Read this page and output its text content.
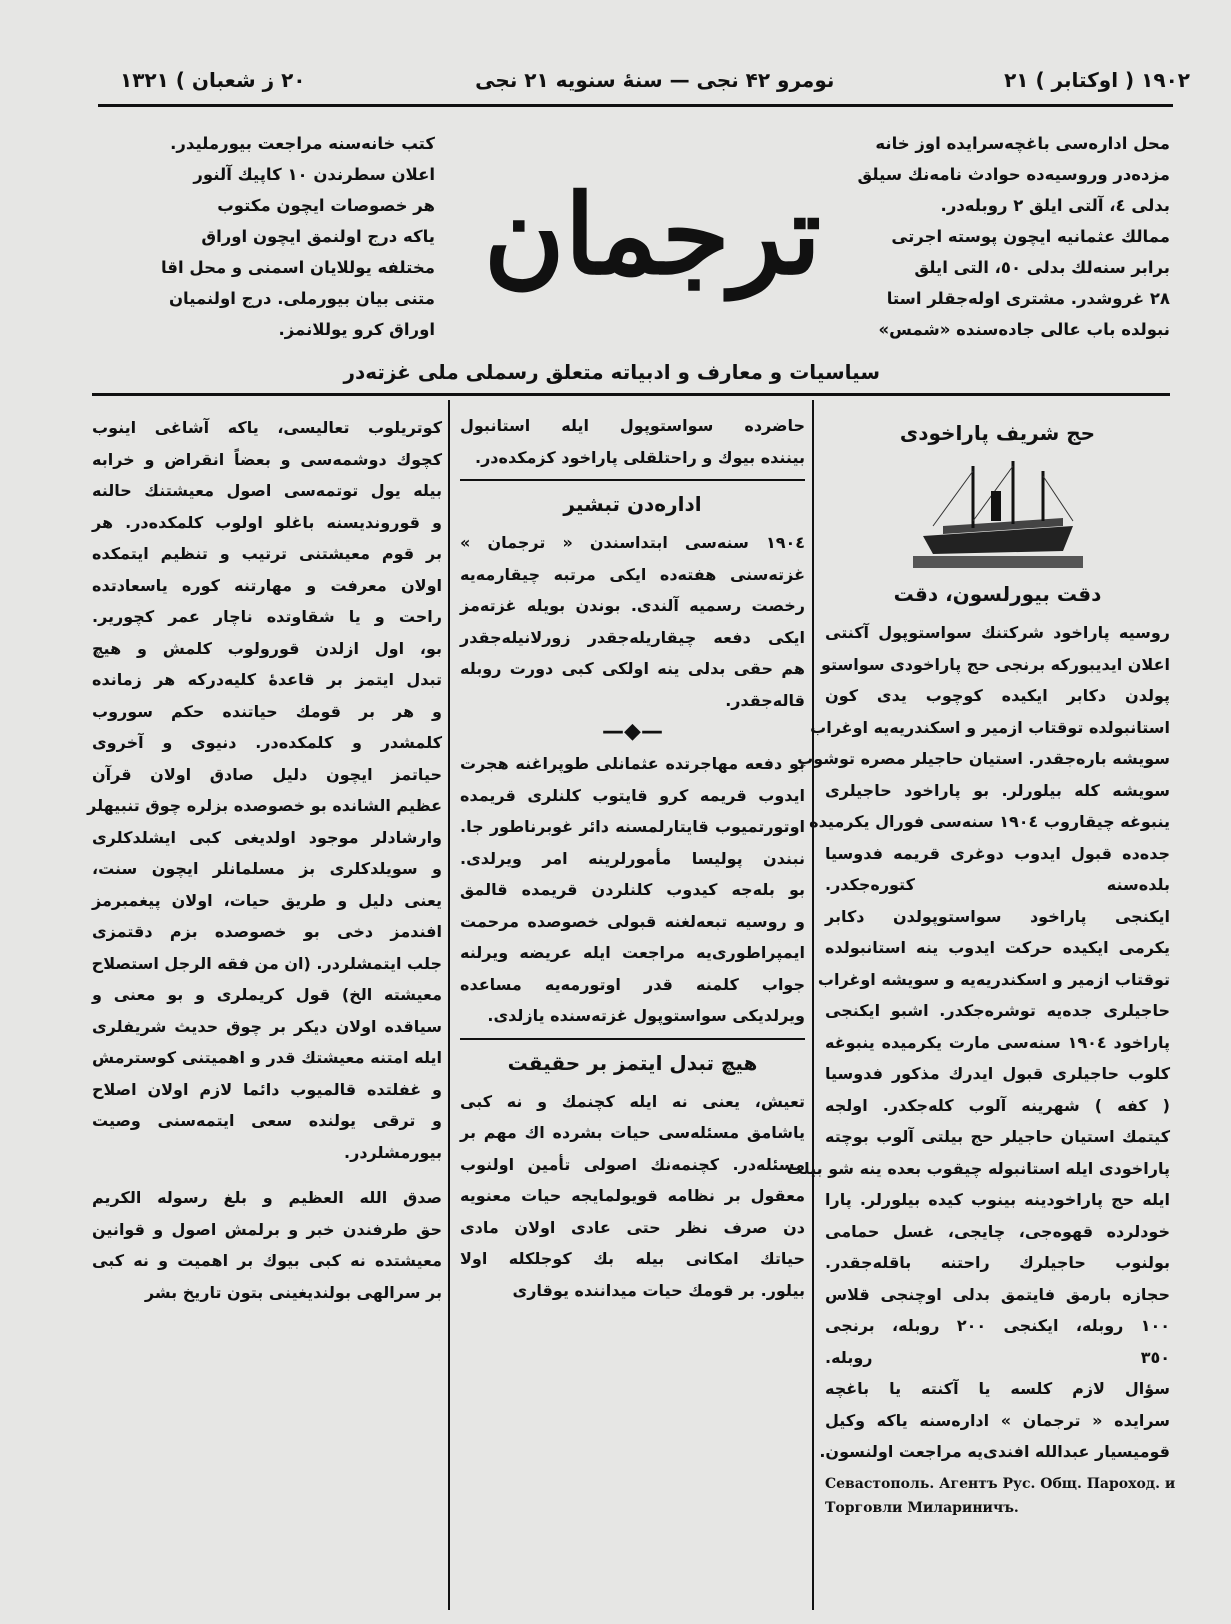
۱۹۰۲ ( اوکتابر ) ۲۱
نومرو ۴۲ نجی — سنهٔ سنویه ۲۱ نجی
۲۰ ز شعبان ) ۱۳۲۱
محل ادارەسی باغچەسرایده اوز خانه
مزده‌در وروسیه‌ده حوادث نامه‌نك سیلق
بدلی ٤، آلتی ایلق ۲ روبله‌در.
ممالك عثمانیه ایچون پوسته اجرتی
برابر سنه‌لك بدلی ٥٠، التی ایلق
۲۸ غروشدر. مشتری اوله‌جقلر استا
نبولده باب عالی جاده‌سنده «شمس»
ترجمان
کتب خانه‌سنه مراجعت بیورملیدر.
اعلان سطرندن ۱۰ کاپیك آلنور
هر خصوصات ایچون مکتوب
یاکه درج اولنمق ایچون اوراق
مختلفه یوللایان اسمنی و محل اقا
متنی بیان بیورملی. درج اولنمیان
اوراق کرو یوللانمز.
سیاسیات و معارف و ادبیاته متعلق رسملی ملی غزته‌در
حج شریف پاراخودی
دقت بیورلسون، دقت
روسیه پاراخود شرکتنك سواستوپول آکنتی
اعلان ایدیبورکه برنجی حج پاراخودی سواستو
پولدن دکابر ایکیده کوچوب یدی کون
استانبولده توقتاب ازمیر و اسکندریه‌یه اوغراب
سویشه باره‌جقدر. استیان حاجیلر مصره توشوب
سویشه کله بیلورلر. بو پاراخود حاجیلری
ینبوغه چیقاروب ۱۹۰٤ سنه‌سی فورال یکرمیده
جده‌ده قبول ایدوب دوغری قریمه فدوسیا
بلده‌سنه کتوره‌جکدر.
ایکنجی پاراخود سواستوپولدن دکابر
یکرمی ایکیده حرکت ایدوب ینه استانبولده
توقتاب ازمیر و اسکندریه‌یه و سویشه اوغراب
حاجیلری جده‌یه توشره‌جکدر. اشبو ایکنجی
پاراخود ۱۹۰٤ سنه‌سی مارت یکرمیده ینبوغه
کلوب حاجیلری قبول ایدرك مذکور فدوسیا
( کفه ) شهرینه آلوب کله‌جکدر. اولجه
کیتمك استیان حاجیلر حج بیلتی آلوب بوچته
پاراخودی ایله استانبوله چیقوب بعده ینه شو بیلت
ایله حج پاراخودینه بینوب کیده بیلورلر. پارا
خودلرده قهوه‌جی، چایجی، غسل حمامی
بولنوب حاجیلرك راحتنه باقله‌جقدر.
حجازه بارمق فایتمق بدلی اوچنجی قلاس
۱۰۰ روبله، ایکنجی ۲۰۰ روبله، برنجی
۳٥۰ روبله.
سؤال لازم کلسه یا آکنته یا باغچه
سرایده « ترجمان » ادارەسنه یاکه وکیل
قومیسیار عبدالله افندی‌یه مراجعت اولنسون.
Севастополь. Агентъ Рус. Общ. Пароход. и
Торговли Милариничъ.
حاضرده سواستوپول ایله استانبول
بیننده بیوك و راحتلقلی پاراخود کزمکده‌در.
اداره‌دن تبشیر
۱۹۰٤ سنه‌سی ابتداسندن « ترجمان »
غزته‌سنی هفته‌ده ایکی مرتبه چیقارمه‌یه
رخصت رسمیه آلندی. بوندن بویله غزته‌مز
ایکی دفعه چیقاریله‌جقدر زورلانیله‌جقدر
هم حقی بدلی ینه اولکی کبی دورت روبله
قاله‌جقدر.
—◆—
بو دفعه مهاجرتده عثمانلی طوپراغنه هجرت
ایدوب قریمه کرو قایتوب کلنلری قریمده
اوتورتمیوب قایتارلمسنه دائر غوبرناطور جا.
نبندن پولیسا مأمورلرینه امر ویرلدی.
بو بله‌جه کیدوب کلنلردن قریمده قالمق
و روسیه تبعه‌لغنه قبولی خصوصده مرحمت
ایمپراطوری‌یه مراجعت ایله عریضه ویرلنه
جواب کلمنه قدر اوتورمه‌یه مساعده
ویرلدیکی سواستوپول غزته‌سنده یازلدی.
هیچ تبدل ایتمز بر حقیقت
تعیش، یعنی نه ایله کچنمك و نه کبی
یاشامق مسئله‌سی حیات بشرده اك مهم بر
مسئله‌در. کچنمه‌نك اصولی تأمین اولنوب
معقول بر نظامه قویولمایجه حیات معنویه
دن صرف نظر حتی عادی اولان مادی
حیاتك امکانی بیله بك کوجلکله اولا
بیلور. بر قومك حیات میداننده یوقاری
کوتریلوب تعالیسی، یاکه آشاغی اینوب
کچوك دوشمه‌سی و بعضاً انقراض و خرابه
بیله یول توتمه‌سی اصول معیشتنك حالنه
و قوروندیسنه باغلو اولوب کلمکده‌در. هر
بر قوم معیشتنی ترتیب و تنظیم ایتمکده
اولان معرفت و مهارتنه کوره یاسعادتده
راحت و یا شقاوتده ناچار عمر کچوریر.
بو، اول ازلدن قورولوب کلمش و هیچ
تبدل ایتمز بر قاعدهٔ کلیه‌درکه هر زمانده
و هر بر قومك حیاتنده حکم سوروب
کلمشدر و کلمکده‌در. دنیوی و آخروی
حیاتمز ایچون دلیل صادق اولان قرآن
عظیم الشانده بو خصوصده بزلره چوق تنبیهلر
وارشادلر موجود اولدیغی کبی ایشلدکلری
و سویلدکلری بز مسلمانلر ایچون سنت،
یعنی دلیل و طریق حیات، اولان پیغمبرمز
افندمز دخی بو خصوصده بزم دقتمزی
جلب ایتمشلردر. (ان من فقه الرجل استصلاح
معیشته الخ) قول کریملری و بو معنی و
سیاقده اولان دیکر بر چوق حدیث شریفلری
ایله امتنه معیشتك قدر و اهمیتنی کوسترمش
و غفلتده قالمیوب دائما لازم اولان اصلاح
و ترقی یولنده سعی ایتمه‌سنی وصیت
بیورمشلردر.
صدق الله العظیم و بلغ رسوله الکریم
حق طرفندن خبر و برلمش اصول و قوانین
معیشتده نه کبی بیوك بر اهمیت و نه کبی
بر سرالهی بولندیغینی بتون تاریخ بشر
